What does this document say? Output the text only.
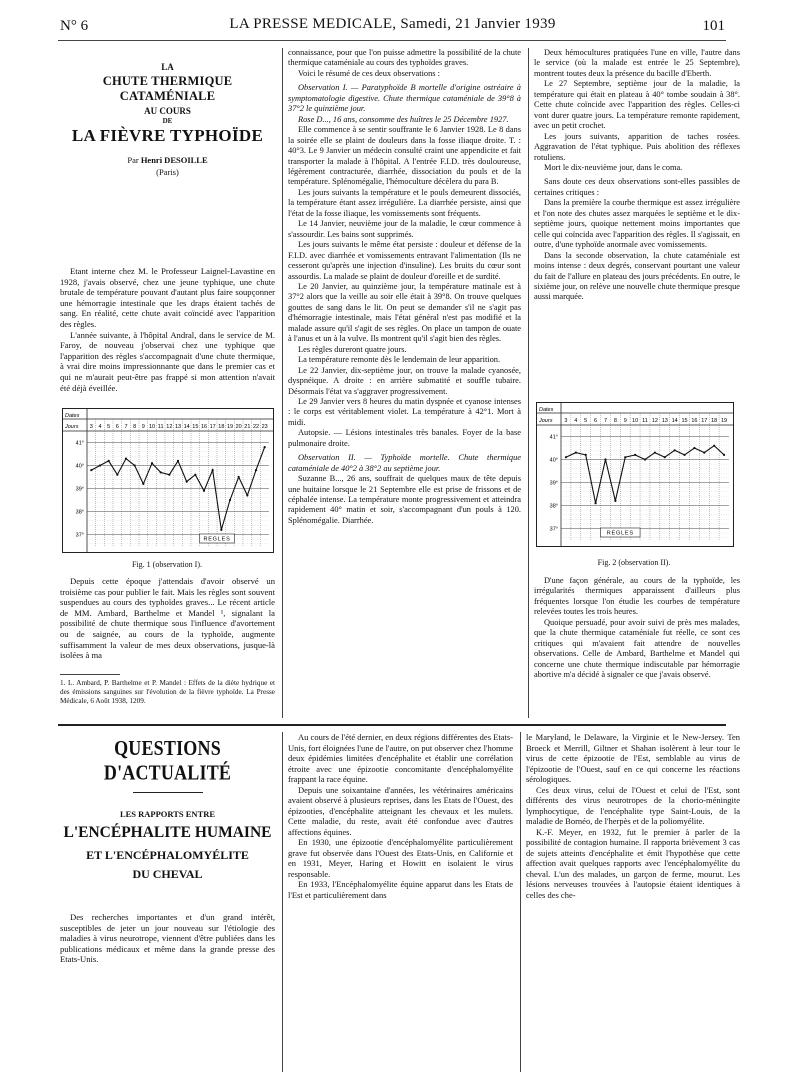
N° 6	LA PRESSE MEDICALE, Samedi, 21 Janvier 1939	101
LA
CHUTE THERMIQUE CATAMÉNIALE
AU COURS
DE
LA FIÈVRE TYPHOÏDE
Par Henri DESOILLE
(Paris)

Etant interne chez M. le Professeur Laignel-Lavastine en 1928, j'avais observé, chez une jeune typhique, une chute brutale de température pouvant d'autant plus faire soupçonner une hémorragie intestinale que les draps étaient tachés de sang. En réalité, cette chute avait coïncidé avec l'apparition des règles.

L'année suivante, à l'hôpital Andral, dans le service de M. Faroy, de nouveau j'observai chez une typhique que l'apparition des règles s'accompagnait d'une chute thermique, à vrai dire moins impressionnante que dans le premier cas et qui ne m'aurait peut-être pas frappé si mon attention n'avait été déjà éveillée.

Dates
Jours 3 4 5 6 7 8 9 10 11 12 13 14 15 16 17 18 19 20 21 22 23
41°
40°
39°
38°
37°
REGLES
Fig. 1 (observation I).

Depuis cette époque j'attendais d'avoir observé un troisième cas pour publier le fait. Mais les règles sont souvent suspendues au cours des typhoïdes graves... Le récent article de MM. Ambard, Barthelme et Mandel ¹, signalant la possibilité de chute thermique sous l'influence d'avortement ou de saignée, au cours de la typhoïde, augmente suffisamment la valeur de mes deux observations, jusque-là isolées à ma

1. L. Ambard, P. Barthelme et P. Mandel : Effets de la diète hydrique et des émissions sanguines sur l'évolution de la fièvre typhoïde. La Presse Médicale, 6 Août 1938, 1209.

connaissance, pour que l'on puisse admettre la possibilité de la chute thermique cataméniale au cours des typhoïdes graves.

Voici le résumé de ces deux observations :

Observation I. — Paratyphoïde B mortelle d'origine ostréaire à symptomatologie digestive. Chute thermique cataméniale de 39°8 à 37°2 le quinzième jour.

Rose D..., 16 ans, consomme des huîtres le 25 Décembre 1927.

Elle commence à se sentir souffrante le 6 Janvier 1928. Le 8 dans la soirée elle se plaint de douleurs dans la fosse iliaque droite. T. : 40°3. Le 9 Janvier un médecin consulté craint une appendicite et fait transporter la malade à l'hôpital. A l'entrée F.I.D. très douloureuse, légèrement contracturée, diarrhée, dissociation du pouls et de la température. Splénomégalie, l'hémoculture décèlera du para B.

Les jours suivants la température et le pouls demeurent dissociés, la température étant assez irrégulière. La diarrhée persiste, ainsi que l'état de la fosse iliaque, les vomissements sont fréquents.

Le 14 Janvier, neuvième jour de la maladie, le cœur commence à s'assourdir. Les bains sont supprimés.

Les jours suivants le même état persiste : douleur et défense de la F.I.D. avec diarrhée et vomissements entravant l'alimentation (Ils ne cesseront qu'après une injection d'insuline). Les bruits du cœur sont assourdis. La malade se plaint de douleur d'oreille et de surdité.

Le 20 Janvier, au quinzième jour, la température matinale est à 37°2 alors que la veille au soir elle était à 39°8. On trouve quelques gouttes de sang dans le lit. On peut se demander s'il ne s'agit pas d'hémorragie intestinale, mais l'état général n'est pas modifié et la malade assure qu'il s'agit de ses règles. On place un tampon de ouate à l'anus et un à la vulve. Ils montrent qu'il s'agit bien des règles.

Les règles dureront quatre jours.

La température remonte dès le lendemain de leur apparition.

Le 22 Janvier, dix-septième jour, on trouve la malade cyanosée, dyspnéique. A droite : en arrière submatité et souffle tubaire. Désormais l'état va s'aggraver progressivement.

Le 29 Janvier vers 8 heures du matin dyspnée et cyanose intenses : le corps est véritablement violet. La température à 42°1. Mort à midi.

Autopsie. — Lésions intestinales très banales. Foyer de la base pulmonaire droite.

Observation II. — Typhoïde mortelle. Chute thermique cataméniale de 40°2 à 38°2 au septième jour.

Suzanne B..., 26 ans, souffrait de quelques maux de tête depuis une huitaine lorsque le 21 Septembre elle est prise de frissons et de céphalée intense. La température monte progressivement et atteindra rapidement 40° matin et soir, s'accompagnant d'un pouls à 120. Splénomégalie. Diarrhée.

Deux hémocultures pratiquées l'une en ville, l'autre dans le service (où la malade est entrée le 25 Septembre), montrent toutes deux la présence du bacille d'Eberth.

Le 27 Septembre, septième jour de la maladie, la température qui était en plateau à 40° tombe soudain à 38°. Cette chute coïncide avec l'apparition des règles. Celles-ci vont durer quatre jours. La température remonte rapidement, avec un petit crochet.

Les jours suivants, apparition de taches rosées. Aggravation de l'état typhique. Puis abolition des réflexes rotuliens.

Mort le dix-neuvième jour, dans le coma.

Sans doute ces deux observations sont-elles passibles de certaines critiques :

Dans la première la courbe thermique est assez irrégulière et l'on note des chutes assez marquées le septième et le dix-septième jours, quoique nettement moins importantes que celle qui coïncida avec l'apparition des règles. Il s'agissait, en outre, d'une typhoïde anormale avec vomissements.

Dans la seconde observation, la chute cataméniale est moins intense : deux degrés, conservant pourtant une valeur du fait de l'allure en plateau des jours précédents. En outre, le sixième jour, on relève une nouvelle chute thermique presque aussi marquée.

Dates
Jours 3 4 5 6 7 8 9 10 11 12 13 14 15 16 17 18 19
41°
40°
39°
38°
37°
REGLES
Fig. 2 (observation II).

D'une façon générale, au cours de la typhoïde, les irrégularités thermiques apparaissent d'ailleurs plus fréquentes lorsque l'on étudie les courbes de température relevées toutes les trois heures.

Quoique persuadé, pour avoir suivi de près mes malades, que la chute thermique cataméniale fut réelle, ce sont ces critiques qui m'avaient fait attendre de nouvelles observations. Celle de Ambard, Barthelme et Mandel qui concerne une chute thermique indiscutable par hémorragie abortive m'a décidé à signaler ce que j'avais observé.

QUESTIONS D'ACTUALITÉ
LES RAPPORTS ENTRE
L'ENCÉPHALITE HUMAINE
ET L'ENCÉPHALOMYÉLITE
DU CHEVAL

Des recherches importantes et d'un grand intérêt, susceptibles de jeter un jour nouveau sur l'étiologie des maladies à virus neurotrope, viennent d'être publiées dans les publications médicaux et même dans la grande presse des Etats-Unis.

Au cours de l'été dernier, en deux régions différentes des Etats-Unis, fort éloignées l'une de l'autre, on put observer chez l'homme deux épidémies limitées d'encéphalite et établir une corrélation étroite avec une épizootie concomitante d'encéphalomyélite frappant la race équine.

Depuis une soixantaine d'années, les vétérinaires américains avaient observé à plusieurs reprises, dans les Etats de l'Ouest, des épizooties, d'encéphalite atteignant les chevaux et les mulets. Cette maladie, du reste, avait été confondue avec d'autres affections équines.

En 1930, une épizootie d'encéphalomyélite particulièrement grave fut observée dans l'Ouest des Etats-Unis, en Californie et en 1931, Meyer, Haring et Howitt en isolaient le virus responsable.

En 1933, l'Encéphalomyélite équine apparut dans les Etats de l'Est et particulièrement dans

le Maryland, le Delaware, la Virginie et le New-Jersey. Ten Broeck et Merrill, Giltner et Shahan isolèrent à leur tour le virus de cette épizootie de l'Est, semblable au virus de l'épizootie de l'Ouest, sauf en ce qui concerne les réactions sérologiques.

Ces deux virus, celui de l'Ouest et celui de l'Est, sont différents des virus neurotropes de la chorio-méningite lymphocytique, de l'encéphalite type Saint-Louis, de la maladie de Bornéo, de l'herpès et de la poliomyélite.

K.-F. Meyer, en 1932, fut le premier à parler de la possibilité de contagion humaine. Il rapporta brièvement 3 cas de sujets atteints d'encéphalite et émit l'hypothèse que cette affection avait quelques rapports avec l'encéphalomyélite du cheval. L'un des malades, un garçon de ferme, mourut. Les lésions nerveuses trouvées à l'autopsie étaient identiques à celles des che-
